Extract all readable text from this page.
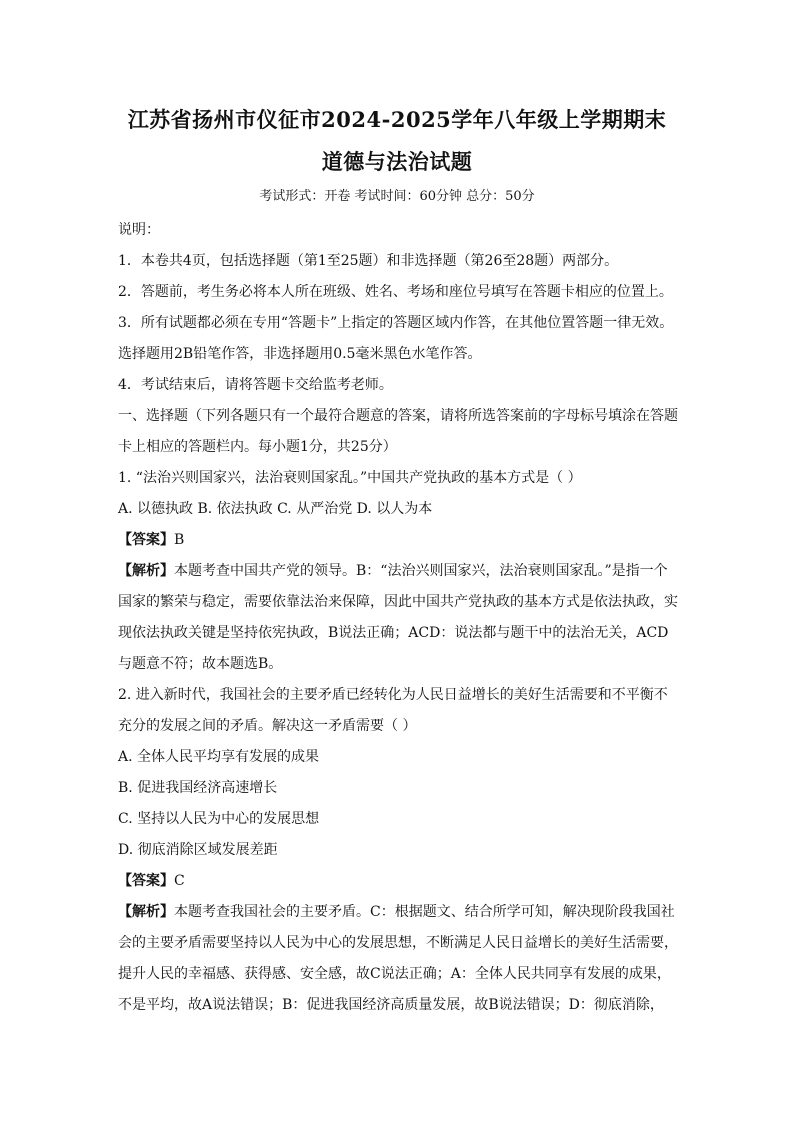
江苏省扬州市仪征市2024-2025学年八年级上学期期末
道德与法治试题
考试形式：开卷 考试时间：60分钟 总分：50分

说明：

1．本卷共4页，包括选择题（第1至25题）和非选择题（第26至28题）两部分。

2．答题前，考生务必将本人所在班级、姓名、考场和座位号填写在答题卡相应的位置上。

3．所有试题都必须在专用“答题卡”上指定的答题区域内作答，在其他位置答题一律无效。

选择题用2B铅笔作答，非选择题用0.5毫米黑色水笔作答。

4．考试结束后，请将答题卡交给监考老师。

一、选择题（下列各题只有一个最符合题意的答案，请将所选答案前的字母标号填涂在答题

卡上相应的答题栏内。每小题1分，共25分）

1. “法治兴则国家兴，法治衰则国家乱。”中国共产党执政的基本方式是（ ）

A. 以德执政 B. 依法执政 C. 从严治党 D. 以人为本

【答案】B

【解析】本题考查中国共产党的领导。B：“法治兴则国家兴，法治衰则国家乱。”是指一个

国家的繁荣与稳定，需要依靠法治来保障，因此中国共产党执政的基本方式是依法执政，实

现依法执政关键是坚持依宪执政，B说法正确；ACD：说法都与题干中的法治无关，ACD

与题意不符；故本题选B。

2. 进入新时代，我国社会的主要矛盾已经转化为人民日益增长的美好生活需要和不平衡不

充分的发展之间的矛盾。解决这一矛盾需要（ ）

A. 全体人民平均享有发展的成果

B. 促进我国经济高速增长

C. 坚持以人民为中心的发展思想

D. 彻底消除区域发展差距

【答案】C

【解析】本题考查我国社会的主要矛盾。C：根据题文、结合所学可知，解决现阶段我国社

会的主要矛盾需要坚持以人民为中心的发展思想，不断满足人民日益增长的美好生活需要，

提升人民的幸福感、获得感、安全感，故C说法正确；A：全体人民共同享有发展的成果，

不是平均，故A说法错误；B：促进我国经济高质量发展，故B说法错误；D：彻底消除，
